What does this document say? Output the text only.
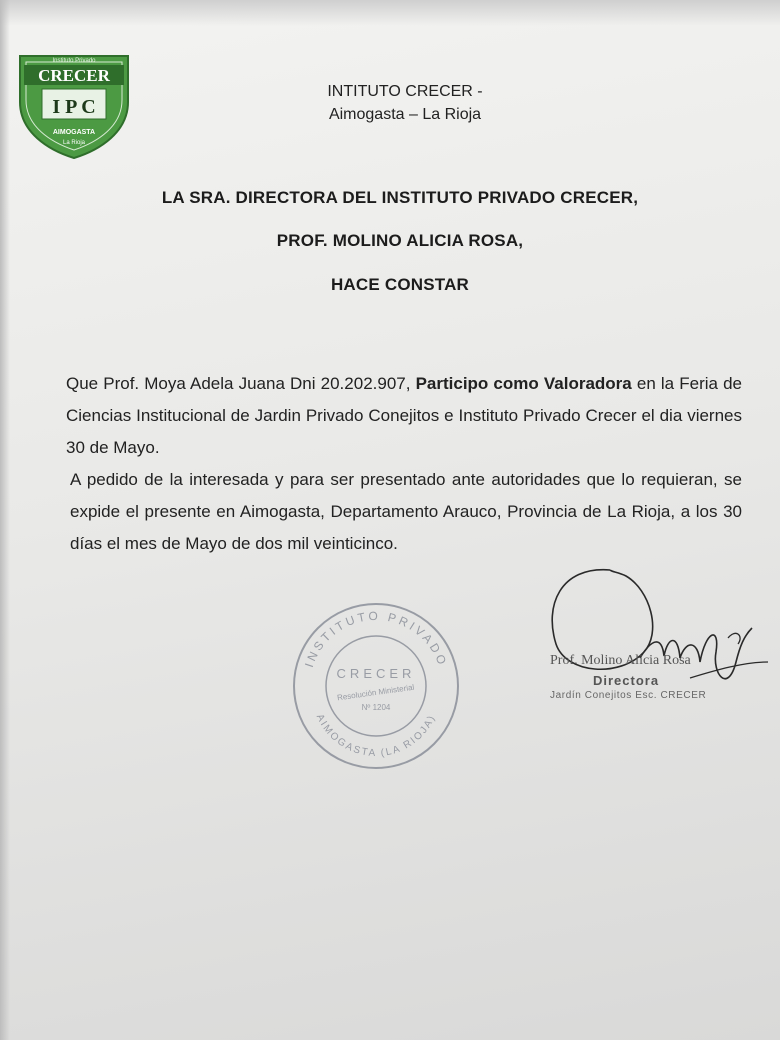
Instituto Privado
CRECER
I P C
AIMOGASTA
La Rioja
INTITUTO CRECER -
Aimogasta – La Rioja
LA SRA. DIRECTORA DEL INSTITUTO PRIVADO CRECER,
PROF. MOLINO ALICIA ROSA,
HACE CONSTAR

Que Prof. Moya Adela Juana Dni 20.202.907, Participo como Valoradora en la Feria de Ciencias Institucional de Jardin Privado Conejitos e Instituto Privado Crecer el dia viernes 30 de Mayo.

A pedido de la interesada y para ser presentado ante autoridades que lo requieran, se expide el presente en Aimogasta, Departamento Arauco, Provincia de La Rioja, a los 30 días el mes de Mayo de dos mil veinticinco.

INSTITUTO PRIVADO
AIMOGASTA (LA RIOJA)
CRECER
Resolución Ministerial
Nº 1204
Prof. Molino Alicia Rosa
Directora
Jardín Conejitos Esc. CRECER
